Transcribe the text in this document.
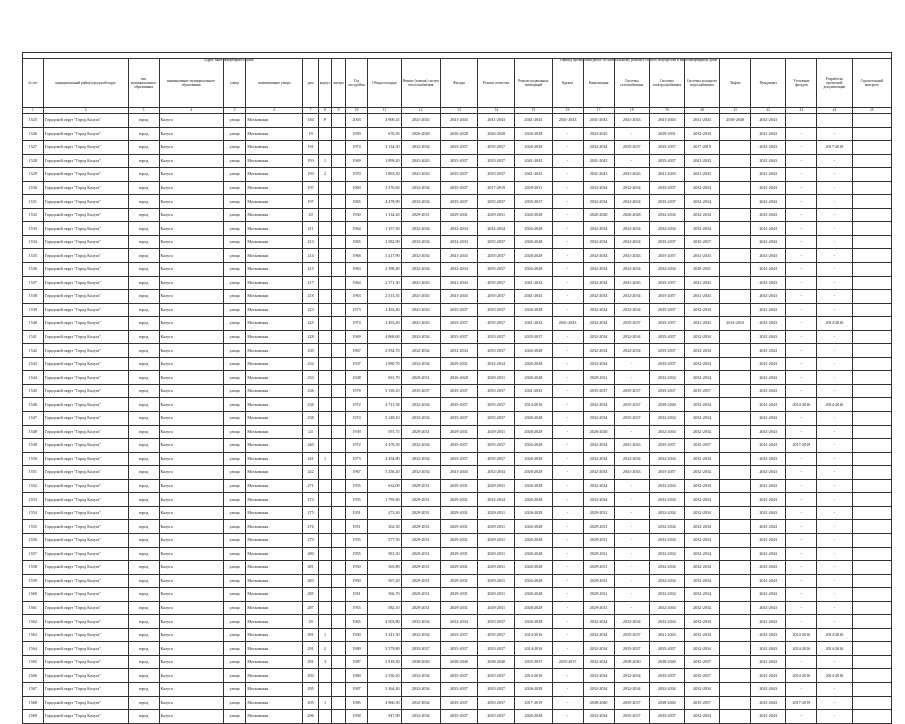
Адрес многоквартирного дома	Период проведения работ по капитальному ремонту общего имущества в многоквартирном доме
№ п/п	муниципальный район/городской округ	тип муниципального образования	наименование муниципального образования	улица	наименование улицы	дом	корпус	литера	Год постройки	Общая площадь	Ремонт (замена) систем теплоснабжения	Фасады	Ремонт отмостки	Ремонт подвальных помещений	Крыша	Канализация	Системы газоснабжения	Системы электроснабжения	Системы холодного водоснабжения	Лифты	Фундамент	Утепление фасадов	Разработка проектной документации	Строительный контроль
1	2	3	4	5	6	7	8	9	10	11	12	13	14	15	16	17	18	19	20	21	22	23	24	25
1525	Городской округ "Город Калуга"	город	Калуга	улица	Московская	184	Р		2003	4 900,25	2041-2043	2041-2043	2041-2043	2041-2043	2041-2043	2041-2043	2041-2043	2041-2043	2041-2043	2038-2040	2041-2043			
1526	Городской округ "Город Калуга"	город	Калуга	улица	Московская	19			1959	676,30	2026-2028	2026-2028	2026-2028	2026-2028	-	2023-2025	-	2029-2031	2032-2034		2041-2043	-	-	
1527	Городской округ "Город Калуга"	город	Калуга	улица	Московская	191			1974	3 134,50	2032-2034	2035-2037	2035-2037	2026-2028	-	2032-2034	2035-2037	2035-2037	2017-2019		2041-2043	-	2017-2019	
1528	Городской округ "Город Калуга"	город	Калуга	улица	Московская	193	1		1969	1 899,20	2041-2043	2035-2037	2035-2037	2041-2043	-	2041-2043	-	2035-2037	2041-2043		2041-2043	-	-	
1529	Городской округ "Город Калуга"	город	Калуга	улица	Московская	193	2		1970	1 893,50	2041-2043	2035-2037	2035-2037	2041-2043	-	2041-2043	2041-2043	2041-2043	2041-2043		2041-2043	-	-	
1530	Городской округ "Город Калуга"	город	Калуга	улица	Московская	197			1960	3 376,60	2032-2034	2035-2037	2017-2019	2029-2031	-	2032-2034	2032-2034	2035-2037	2032-2034		2041-2043	-	-	
1531	Городской округ "Город Калуга"	город	Калуга	улица	Московская	197			1965	4 478,90	2032-2034	2035-2037	2035-2037	2035-2037	-	2032-2034	2032-2034	2035-2037	2032-2034		2041-2043	-	-	
1532	Городской округ "Город Калуга"	город	Калуга	улица	Московская	20			1930	1 334,20	2029-2031	2029-2031	2029-2031	2026-2028	-	2026-2028	2026-2028	2032-2034	2032-2034		2041-2043	-	-	
1533	Городской округ "Город Калуга"	город	Калуга	улица	Московская	211			1964	1 357,30	2032-2034	2032-2034	2032-2034	2026-2028	-	2032-2034	2032-2034	2032-2034	2032-2034		2041-2043	-	-	
1534	Городской округ "Город Калуга"	город	Калуга	улица	Московская	213			1965	2 582,90	2032-2034	2032-2034	2035-2037	2026-2028	-	2032-2034	2032-2034	2035-2037	2035-2037		2041-2043	-	-	
1535	Городской округ "Город Калуга"	город	Калуга	улица	Московская	214			1968	3 417,90	2032-2034	2041-2043	2035-2037	2026-2028	-	2032-2034	2041-2043	2035-2037	2041-2043		2041-2043	-	-	
1536	Городской округ "Город Калуга"	город	Калуга	улица	Московская	215			1963	2 398,40	2032-2034	2032-2034	2035-2037	2026-2028	-	2032-2034	2032-2034	2032-2034	2029-2031		2041-2043	-	-	
1537	Городской округ "Город Калуга"	город	Калуга	улица	Московская	217			1964	2 571,30	2041-2043	2041-2043	2035-2037	2041-2043	-	2032-2034	2041-2043	2035-2037	2041-2043		2041-2043	-	-	
1538	Городской округ "Город Калуга"	город	Калуга	улица	Московская	218			1963	2 513,35	2041-2043	2041-2043	2035-2037	2041-2043	-	2032-2034	2032-2034	2035-2037	2041-2043		2041-2043	-	-	
1539	Городской округ "Город Калуга"	город	Калуга	улица	Московская	223			1973	4 493,40	2041-2043	2035-2037	2035-2037	2026-2028	-	2032-2034	2032-2034	2035-2037	2032-2034		2041-2043	-	-	
1540	Городской округ "Город Калуга"	город	Калуга	улица	Московская	225			1974	4 493,40	2041-2043	2035-2037	2035-2037	2041-2043	2041-2043	2032-2034	2035-2037	2035-2037	2041-2043	2014-2016	2041-2043	-	2014-2016	
1541	Городской округ "Город Калуга"	город	Калуга	улица	Московская	228			1969	4 868,60	2032-2034	2035-2037	2035-2037	2035-2037	-	2032-2034	2032-2034	2035-2037	2032-2034		2041-2043	-	-	
1542	Городской округ "Город Калуга"	город	Калуга	улица	Московская	230			1967	2 934,70	2032-2034	2032-2034	2035-2037	2026-2028	-	2032-2034	2032-2034	2035-2037	2032-2034		2041-2043	-	-	
1543	Городской округ "Город Калуга"	город	Калуга	улица	Московская	232			1937	1 080,70	2032-2034	2029-2031	2032-2034	2026-2028	-	2032-2034	-	2035-2037	2032-2034		2041-2043	-	-	
1544	Городской округ "Город Калуга"	город	Калуга	улица	Московская	233			1948	691,70	2029-2031	2026-2028	2029-2031	2026-2028	-	2029-2031	-	2032-2034	2032-2034		2041-2043	-	-	
1545	Городской округ "Город Калуга"	город	Калуга	улица	Московская	236			1978	5 139,25	2035-2037	2035-2037	2035-2037	2041-2043	-	2035-2037	2035-2037	2035-2037	2035-2037		2041-2043	-	-	
1546	Городской округ "Город Калуга"	город	Калуга	улица	Московская	236			1972	4 721,58	2032-2034	2035-2037	2035-2037	2014-2016	-	2032-2034	2035-2037	2038-2040	2032-2034		2041-2043	2014-2016	2014-2016	
1547	Городской округ "Город Калуга"	город	Калуга	улица	Московская	238			1974	5 148,10	2032-2034	2035-2037	2035-2037	2026-2028	-	2032-2034	2035-2037	2032-2034	2032-2034		2041-2043	-	-	
1548	Городской округ "Город Калуга"	город	Калуга	улица	Московская	24			1939	591,75	2029-2031	2029-2031	2029-2031	2026-2028	-	2026-2028	-	2032-2034	2032-2034		2041-2043	-	-	
1549	Городской округ "Город Калуга"	город	Калуга	улица	Московская	240			1972	4 478,30	2032-2034	2035-2037	2035-2037	2026-2028	-	2032-2034	2041-2043	2035-2037	2035-2037		2041-2043	2017-2019	-	
1550	Городской округ "Город Калуга"	город	Калуга	улица	Московская	241	1		1973	4 454,80	2032-2034	2035-2037	2035-2037	2026-2028	-	2032-2034	2032-2034	2032-2034	2032-2034		2041-2043	-	-	
1551	Городской округ "Город Калуга"	город	Калуга	улица	Московская	242			1967	5 256,20	2032-2034	2041-2043	2032-2034	2026-2028	-	2032-2034	2041-2043	2035-2037	2032-2034		2041-2043	-	-	
1552	Городской округ "Город Калуга"	город	Калуга	улица	Московская	271			1955	632,00	2029-2031	2029-2031	2029-2031	2026-2028	-	2032-2034	-	2032-2034	2032-2034		2041-2043	-	-	
1553	Городской округ "Город Калуга"	город	Калуга	улица	Московская	273			1955	1 795,60	2029-2031	2029-2031	2032-2034	2026-2028	-	2032-2034	-	2032-2034	2032-2034		2041-2043	-	-	
1554	Городской округ "Город Калуга"	город	Калуга	улица	Московская	275			1951	273,30	2029-2031	2029-2031	2029-2031	2026-2028	-	2029-2031	-	2032-2034	2032-2034		2041-2043	-	-	
1555	Городской округ "Город Калуга"	город	Калуга	улица	Московская	276			1951	302,30	2029-2031	2029-2031	2029-2031	2026-2028	-	2029-2031	-	2032-2034	2032-2034		2041-2043	-	-	
1556	Городской округ "Город Калуга"	город	Калуга	улица	Московская	279			1955	577,50	2029-2031	2029-2031	2029-2031	2026-2028	-	2029-2031	-	2032-2034	2032-2034		2041-2043	-	-	
1557	Городской округ "Город Калуга"	город	Калуга	улица	Московская	280			1955	581,30	2029-2031	2029-2031	2029-2031	2026-2028	-	2029-2031	-	2032-2034	2032-2034		2041-2043	-	-	
1558	Городской округ "Город Калуга"	город	Калуга	улица	Московская	281			1950	565,80	2029-2031	2029-2031	2029-2031	2026-2028	-	2029-2031	-	2032-2034	2032-2034		2041-2043	-	-	
1559	Городской округ "Город Калуга"	город	Калуга	улица	Московская	283			1950	567,20	2029-2031	2029-2031	2029-2031	2026-2028	-	2029-2031	-	2032-2034	2032-2034		2041-2043	-	-	
1560	Городской округ "Город Калуга"	город	Калуга	улица	Московская	285			1951	566,70	2029-2031	2029-2031	2029-2031	2026-2028	-	2029-2031	-	2032-2034	2032-2034		2041-2043	-	-	
1561	Городской округ "Город Калуга"	город	Калуга	улица	Московская	287			1955	582,10	2029-2031	2029-2031	2029-2031	2026-2028	-	2029-2031	-	2032-2034	2032-2034		2041-2043	-	-	
1562	Городской округ "Город Калуга"	город	Калуга	улица	Московская	29			1965	4 503,80	2032-2034	2032-2034	2035-2037	2026-2028	-	2032-2034	2032-2034	2032-2034	2032-2034		2041-2043	-	-	
1563	Городской округ "Город Калуга"	город	Калуга	улица	Московская	291	1		1930	3 241,50	2032-2034	2035-2037	2035-2037	2014-2016	-	2032-2034	2035-2037	2041-2043	2032-2034		2041-2043	2014-2016	2014-2016	
1564	Городской округ "Город Калуга"	город	Калуга	улица	Московская	291	2		1980	3 579,80	2035-2037	2035-2037	2035-2037	2014-2016	-	2032-2034	2035-2037	2035-2037	2032-2034		2041-2043	2014-2016	2014-2016	
1565	Городской округ "Город Калуга"	город	Калуга	улица	Московская	291	3		1987	2 918,30	2038-2040	2038-2040	2038-2040	2035-2037	2035-2037	2032-2034	2038-2040	2038-2040	2035-2037		2041-2043	-	-	
1566	Городской округ "Город Калуга"	город	Калуга	улица	Московская	293			1969	2 530,20	2032-2034	2035-2037	2035-2037	2014-2016	-	2032-2034	2032-2034	2035-2037	2035-2037		2041-2043	2014-2016	2014-2016	
1567	Городской округ "Город Калуга"	город	Калуга	улица	Московская	295			1987	5 364,40	2032-2034	2035-2037	2035-2037	2026-2028	-	2032-2034	2032-2034	2032-2034	2032-2034		2041-2043	-	-	
1568	Городской округ "Город Калуга"	город	Калуга	улица	Московская	295	1		1985	4 966,30	2032-2034	2035-2037	2035-2037	2017-2019	-	2038-2040	2035-2037	2038-2040	2035-2037		2041-2043	2017-2019	-	
1569	Городской округ "Город Калуга"	город	Калуга	улица	Московская	296			1958	947,90	2032-2034	2035-2037	2035-2037	2026-2028	-	2032-2034	2035-2037	2035-2037	2032-2034		2041-2043	-	-	
